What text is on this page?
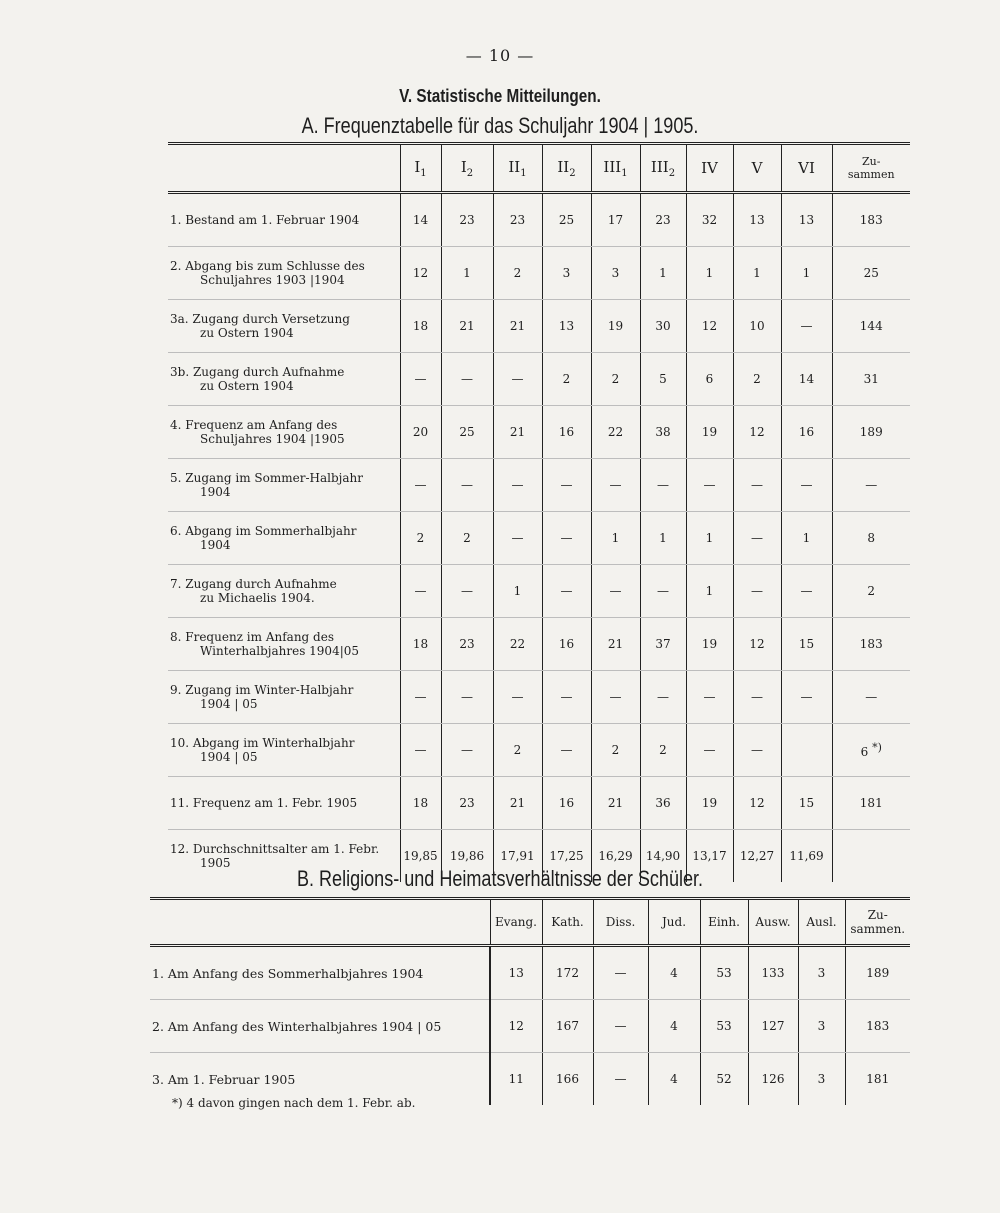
— 10 —
V. Statistische Mitteilungen.
A. Frequenztabelle für das Schuljahr 1904 | 1905.
	$I_1$	$I_2$	$II_1$	$II_2$	$III_1$	$III_2$	IV	V	VI	Zu-
sammen
1. Bestand am 1. Februar 1904	14	23	23	25	17	23	32	13	13	183
2. Abgang bis zum Schlusse des
Schuljahres 1903 |1904	12	1	2	3	3	1	1	1	1	25
3a. Zugang durch Versetzung
zu Ostern 1904	18	21	21	13	19	30	12	10	—	144
3b. Zugang durch Aufnahme
zu Ostern 1904	—	—	—	2	2	5	6	2	14	31
4. Frequenz am Anfang des
Schuljahres 1904 |1905	20	25	21	16	22	38	19	12	16	189
5. Zugang im Sommer-Halbjahr
1904	—	—	—	—	—	—	—	—	—	—
6. Abgang im Sommerhalbjahr
1904	2	2	—	—	1	1	1	—	1	8
7. Zugang durch Aufnahme
zu Michaelis 1904.	—	—	1	—	—	—	1	—	—	2
8. Frequenz im Anfang des
Winterhalbjahres 1904|05	18	23	22	16	21	37	19	12	15	183
9. Zugang im Winter-Halbjahr
1904 | 05	—	—	—	—	—	—	—	—	—	—
10. Abgang im Winterhalbjahr
1904 | 05	—	—	2	—	2	2	—	—		6 *)
11. Frequenz am 1. Febr. 1905	18	23	21	16	21	36	19	12	15	181
12. Durchschnittsalter am 1. Febr.
1905	19,85	19,86	17,91	17,25	16,29	14,90	13,17	12,27	11,69	
B. Religions- und Heimatsverhältnisse der Schüler.
	Evang.	Kath.	Diss.	Jud.	Einh.	Ausw.	Ausl.	Zu-
sammen.
1. Am Anfang des Sommerhalbjahres 1904	13	172	—	4	53	133	3	189
2. Am Anfang des Winterhalbjahres 1904 | 05	12	167	—	4	53	127	3	183
3. Am 1. Februar 1905	11	166	—	4	52	126	3	181
*) 4 davon gingen nach dem 1. Febr. ab.
